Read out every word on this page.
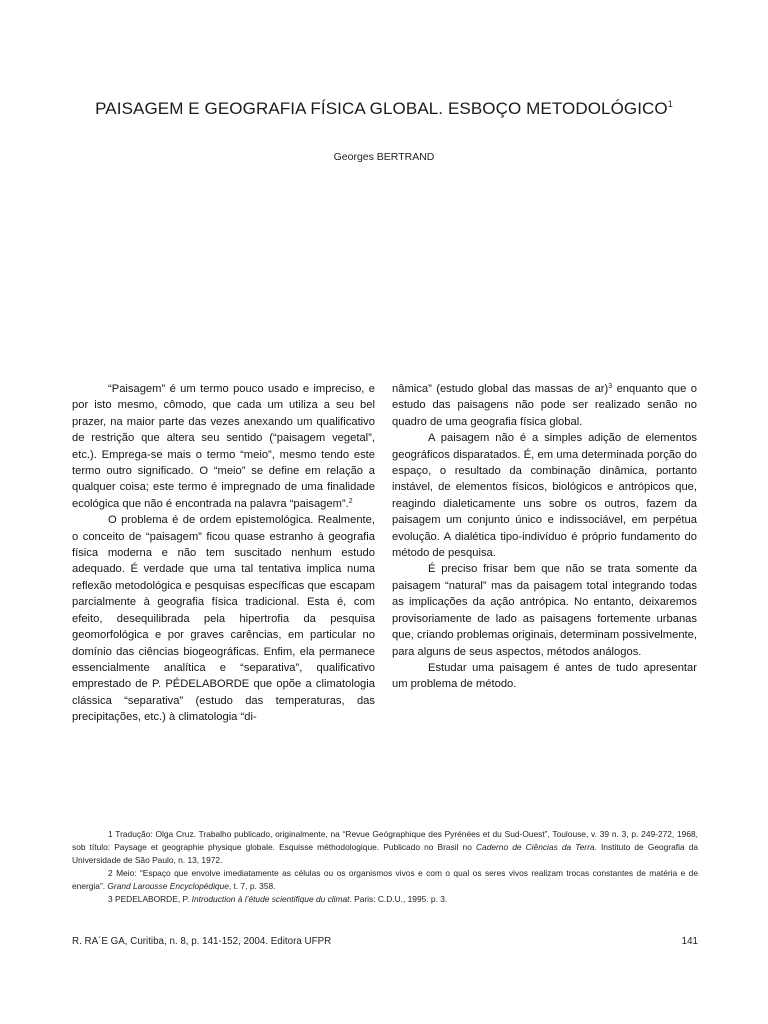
PAISAGEM E GEOGRAFIA FÍSICA GLOBAL. ESBOÇO METODOLÓGICO$^1$
Georges BERTRAND

“Paisagem” é um termo pouco usado e impreciso, e por isto mesmo, cômodo, que cada um utiliza a seu bel prazer, na maior parte das vezes anexando um qualificativo de restrição que altera seu sentido (“paisagem vegetal”, etc.). Emprega-se mais o termo “meio”, mesmo tendo este termo outro significado. O “meio” se define em relação a qualquer coisa; este termo é impregnado de uma finalidade ecológica que não é encontrada na palavra “paisagem”.$^2$

O problema é de ordem epistemológica. Realmente, o conceito de “paisagem” ficou quase estranho à geografia física moderna e não tem suscitado nenhum estudo adequado. É verdade que uma tal tentativa implica numa reflexão metodológica e pesquisas específicas que escapam parcialmente à geografia física tradicional. Esta é, com efeito, desequilibrada pela hipertrofia da pesquisa geomorfológica e por graves carências, em particular no domínio das ciências biogeográficas. Enfim, ela permanece essencialmente analítica e “separativa”, qualificativo emprestado de P. PÉDELABORDE que opõe a climatologia clássica “separativa” (estudo das temperaturas, das precipitações, etc.) à climatologia “di-

nâmica” (estudo global das massas de ar)$^3$ enquanto que o estudo das paisagens não pode ser realizado senão no quadro de uma geografia física global.

A paisagem não é a simples adição de elementos geográficos disparatados. É, em uma determinada porção do espaço, o resultado da combinação dinâmica, portanto instável, de elementos físicos, biológicos e antrópicos que, reagindo dialeticamente uns sobre os outros, fazem da paisagem um conjunto único e indissociável, em perpétua evolução. A dialética tipo-indivíduo é próprio fundamento do método de pesquisa.

É preciso frisar bem que não se trata somente da paisagem “natural” mas da paisagem total integrando todas as implicações da ação antrópica. No entanto, deixaremos provisoriamente de lado as paisagens fortemente urbanas que, criando problemas originais, determinam possivelmente, para alguns de seus aspectos, métodos análogos.

Estudar uma paisagem é antes de tudo apresentar um problema de método.

1 Tradução: Olga Cruz. Trabalho publicado, originalmente, na “Revue Geógraphique des Pyrénées et du Sud-Ouest”, Toulouse, v. 39 n. 3, p. 249-272, 1968, sob título: Paysage et geographie physique globale. Esquisse méthodologique. Publicado no Brasil no Caderno de Ciências da Terra. Instituto de Geografia da Universidade de São Paulo, n. 13, 1972.

2 Meio: “Espaço que envolve imediatamente as células ou os organismos vivos e com o qual os seres vivos realizam trocas constantes de matéria e de energia”. Grand Larousse Encyclopédique, t. 7, p. 358.

3 PEDELABORDE, P. Introduction à l’étude scientifique du climat. Paris: C.D.U., 1995. p. 3.

R. RA´E GA, Curitiba, n. 8, p. 141-152, 2004. Editora UFPR	141
